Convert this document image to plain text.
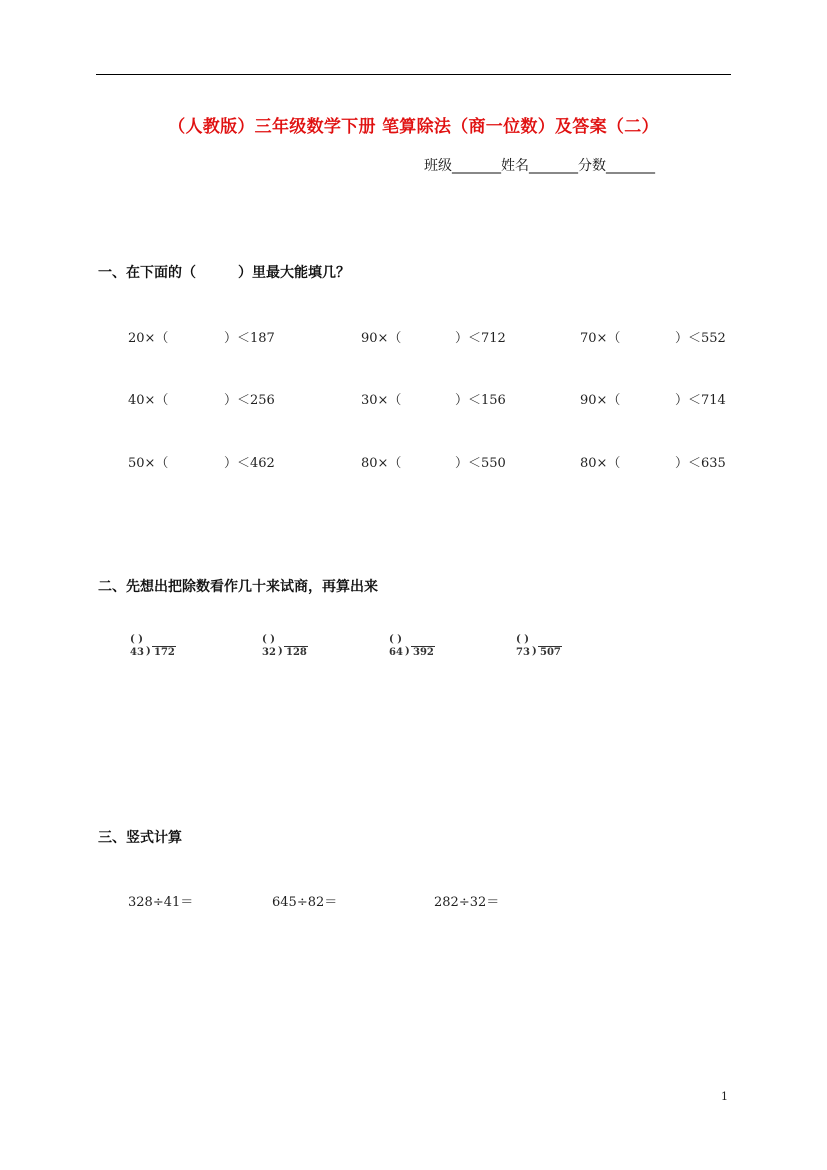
（人教版）三年级数学下册 笔算除法（商一位数）及答案（二）
班级_______姓名_______分数_______
一、在下面的（　　　）里最大能填几？
20×（	）＜187	90×（	）＜712	70×（	）＜552
40×（	）＜256	30×（	）＜156	90×（	）＜714
50×（	）＜462	80×（	）＜550	80×（	）＜635
二、先想出把除数看作几十来试商，再算出来
( )
43 ) 172
( )
32 ) 128
( )
64 ) 392
( )
73 ) 507
三、竖式计算
328÷41＝	645÷82＝	282÷32＝
1
